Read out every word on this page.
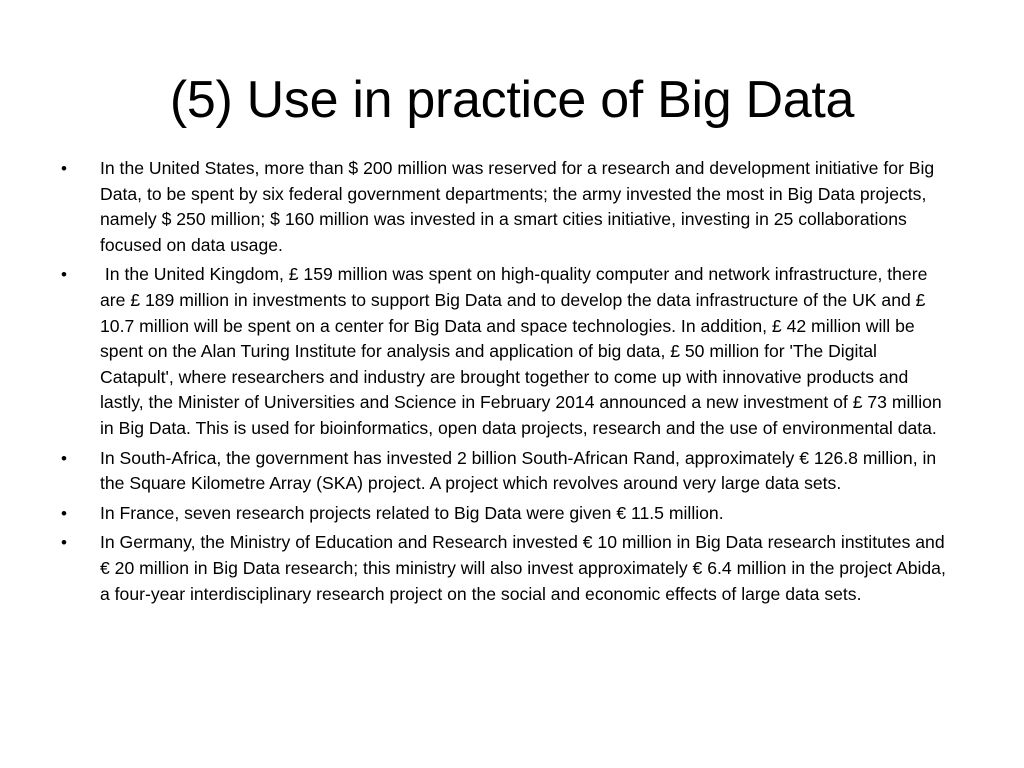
(5) Use in practice of Big Data
• In the United States, more than $ 200 million was reserved for a research and development initiative for Big Data, to be spent by six federal government departments; the army invested the most in Big Data projects, namely $ 250 million; $ 160 million was invested in a smart cities initiative, investing in 25 collaborations focused on data usage.
• In the United Kingdom, £ 159 million was spent on high-quality computer and network infrastructure, there are £ 189 million in investments to support Big Data and to develop the data infrastructure of the UK and £ 10.7 million will be spent on a center for Big Data and space technologies. In addition, £ 42 million will be spent on the Alan Turing Institute for analysis and application of big data, £ 50 million for 'The Digital Catapult', where researchers and industry are brought together to come up with innovative products and lastly, the Minister of Universities and Science in February 2014 announced a new investment of £ 73 million in Big Data. This is used for bioinformatics, open data projects, research and the use of environmental data.
• In South-Africa, the government has invested 2 billion South-African Rand, approximately € 126.8 million, in the Square Kilometre Array (SKA) project. A project which revolves around very large data sets.
• In France, seven research projects related to Big Data were given € 11.5 million.
• In Germany, the Ministry of Education and Research invested € 10 million in Big Data research institutes and € 20 million in Big Data research; this ministry will also invest approximately € 6.4 million in the project Abida, a four-year interdisciplinary research project on the social and economic effects of large data sets.
